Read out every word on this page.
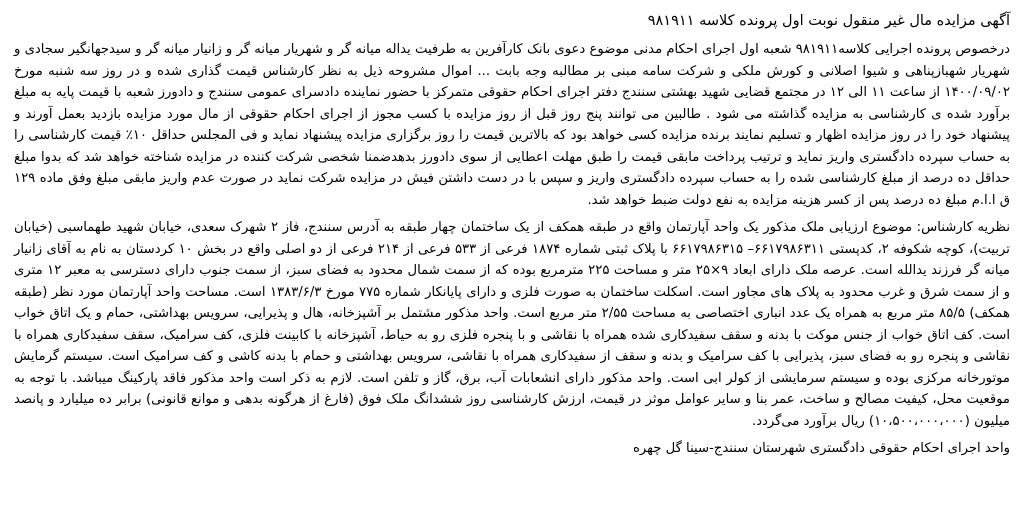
آگهی مزایده مال غیر منقول نوبت اول پرونده کلاسه ۹۸۱۹۱۱

درخصوص پرونده اجرایی کلاسه۹۸۱۹۱۱ شعبه اول اجرای احکام مدنی موضوع دعوی بانک کارآفرین به طرفیت یداله میانه گر و شهریار میانه گر و زانیار میانه گر و سیدجهانگیر سجادی و شهریار شهبازپناهی و شیوا اصلانی و کورش ملکی و شرکت سامه مبنی بر مطالبه وجه بابت ... اموال مشروحه ذیل به نظر کارشناس قیمت گذاری شده و در روز سه شنبه مورخ ۱۴۰۰/۰۹/۰۲ از ساعت ۱۱ الی ۱۲ در مجتمع قضایی شهید بهشتی سنندج دفتر اجرای احکام حقوقی متمرکز با حضور نماینده دادسرای عمومی سنندج و دادورز شعبه با قیمت پایه به مبلغ برآورد شده ی کارشناسی به مزایده گذاشته می شود . طالبین می توانند پنج روز قبل از روز مزایده با کسب مجوز از اجرای احکام حقوقی از مال مورد مزایده بازدید بعمل آورند و پیشنهاد خود را در روز مزایده اظهار و تسلیم نمایند برنده مزایده کسی خواهد بود که بالاترین قیمت را روز برگزاری مزایده پیشنهاد نماید و فی المجلس حداقل ۱۰٪ قیمت کارشناسی را به حساب سپرده دادگستری واریز نماید و ترتیب پرداخت مابقی قیمت را طبق مهلت اعطایی از سوی دادورز بدهدضمنا شخصی شرکت کننده در مزایده شناخته خواهد شد که بدوا مبلغ حداقل ده درصد از مبلغ کارشناسی شده را به حساب سپرده دادگستری واریز و سپس با در دست داشتن فیش در مزایده شرکت نماید در صورت عدم واریز مابقی مبلغ وفق ماده ۱۲۹ ق ا.ا.م مبلغ ده درصد پس از کسر هزینه مزایده به نفع دولت ضبط خواهد شد.

نظریه کارشناس: موضوع ارزیابی ملک مذکور یک واحد آپارتمان واقع در طبقه همکف از یک ساختمان چهار طبقه به آدرس سنندج، فاز ۲ شهرک سعدی، خیابان شهید طهماسبی (خیابان تربیت)، کوچه شکوفه ۲، کدپستی ۶۶۱۷۹۸۶۳۱۱– ۶۶۱۷۹۸۶۳۱۵ با پلاک ثبتی شماره ۱۸۷۴ فرعی از ۵۳۳ فرعی از ۲۱۴ فرعی از دو اصلی واقع در بخش ۱۰ کردستان به نام به آقای زانیار میانه گر فرزند یدالله است. عرصه ملک دارای ابعاد ۹×۲۵ متر و مساحت ۲۲۵ مترمربع بوده که از سمت شمال محدود به فضای سبز، از سمت جنوب دارای دسترسی به معبر ۱۲ متری و از سمت شرق و غرب محدود به پلاک های مجاور است. اسکلت ساختمان به صورت فلزی و دارای پایانکار شماره ۷۷۵ مورخ ۱۳۸۳/۶/۳ است. مساحت واحد آپارتمان مورد نظر (طبقه همکف) ۸۵/۵ متر مربع به همراه یک عدد انباری اختصاصی به مساحت ۲/۵۵ متر مربع است. واحد مذکور مشتمل بر آشپزخانه، هال و پذیرایی، سرویس بهداشتی، حمام و یک اتاق خواب است. کف اتاق خواب از جنس موکت با بدنه و سقف سفیدکاری شده همراه با نقاشی و با پنجره فلزی رو به حیاط، آشپزخانه با کابینت فلزی، کف سرامیک، سقف سفیدکاری همراه با نقاشی و پنجره رو به فضای سبز، پذیرایی با کف سرامیک و بدنه و سقف از سفیدکاری همراه با نقاشی، سرویس بهداشتی و حمام با بدنه کاشی و کف سرامیک است. سیستم گرمایش موتورخانه مرکزی بوده و سیستم سرمایشی از کولر ابی است. واحد مذکور دارای انشعابات آب، برق، گاز و تلفن است. لازم به ذکر است واحد مذکور فاقد پارکینگ میباشد. با توجه به موقعیت محل، کیفیت مصالح و ساخت، عمر بنا و سایر عوامل موثر در قیمت، ارزش کارشناسی روز ششدانگ ملک فوق (فارغ از هرگونه بدهی و موانع قانونی) برابر ده میلیارد و پانصد میلیون (۱۰،۵۰۰،۰۰۰،۰۰۰) ریال برآورد می‌گردد.

واحد اجرای احکام حقوقی دادگستری شهرستان سنندج-سینا گل چهره
